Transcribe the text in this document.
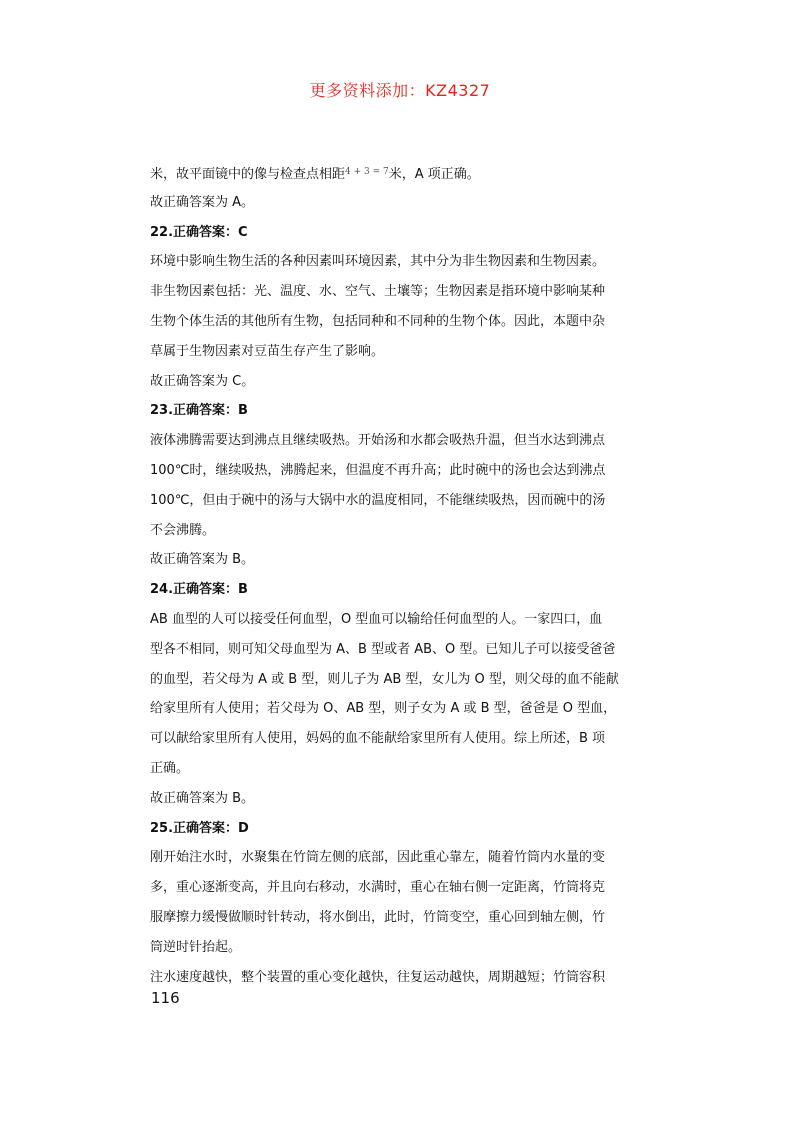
更多资料添加：KZ4327
米，故平面镜中的像与检查点相距$^{4 + 3 = 7}$米，A 项正确。
故正确答案为 A。
22.正确答案：C
环境中影响生物生活的各种因素叫环境因素，其中分为非生物因素和生物因素。
非生物因素包括：光、温度、水、空气、土壤等；生物因素是指环境中影响某种
生物个体生活的其他所有生物，包括同种和不同种的生物个体。因此，本题中杂
草属于生物因素对豆苗生存产生了影响。
故正确答案为 C。
23.正确答案：B
液体沸腾需要达到沸点且继续吸热。开始汤和水都会吸热升温，但当水达到沸点
100℃时，继续吸热，沸腾起来，但温度不再升高；此时碗中的汤也会达到沸点
100℃，但由于碗中的汤与大锅中水的温度相同，不能继续吸热，因而碗中的汤
不会沸腾。
故正确答案为 B。
24.正确答案：B
AB 血型的人可以接受任何血型，O 型血可以输给任何血型的人。一家四口，血
型各不相同，则可知父母血型为 A、B 型或者 AB、O 型。已知儿子可以接受爸爸
的血型，若父母为 A 或 B 型，则儿子为 AB 型，女儿为 O 型，则父母的血不能献
给家里所有人使用；若父母为 O、AB 型，则子女为 A 或 B 型，爸爸是 O 型血，
可以献给家里所有人使用，妈妈的血不能献给家里所有人使用。综上所述，B 项
正确。
故正确答案为 B。
25.正确答案：D
刚开始注水时，水聚集在竹筒左侧的底部，因此重心靠左，随着竹筒内水量的变
多，重心逐渐变高，并且向右移动，水满时，重心在轴右侧一定距离，竹筒将克
服摩擦力缓慢做顺时针转动，将水倒出，此时，竹筒变空，重心回到轴左侧，竹
筒逆时针抬起。
注水速度越快，整个装置的重心变化越快，往复运动越快，周期越短；竹筒容积
116
